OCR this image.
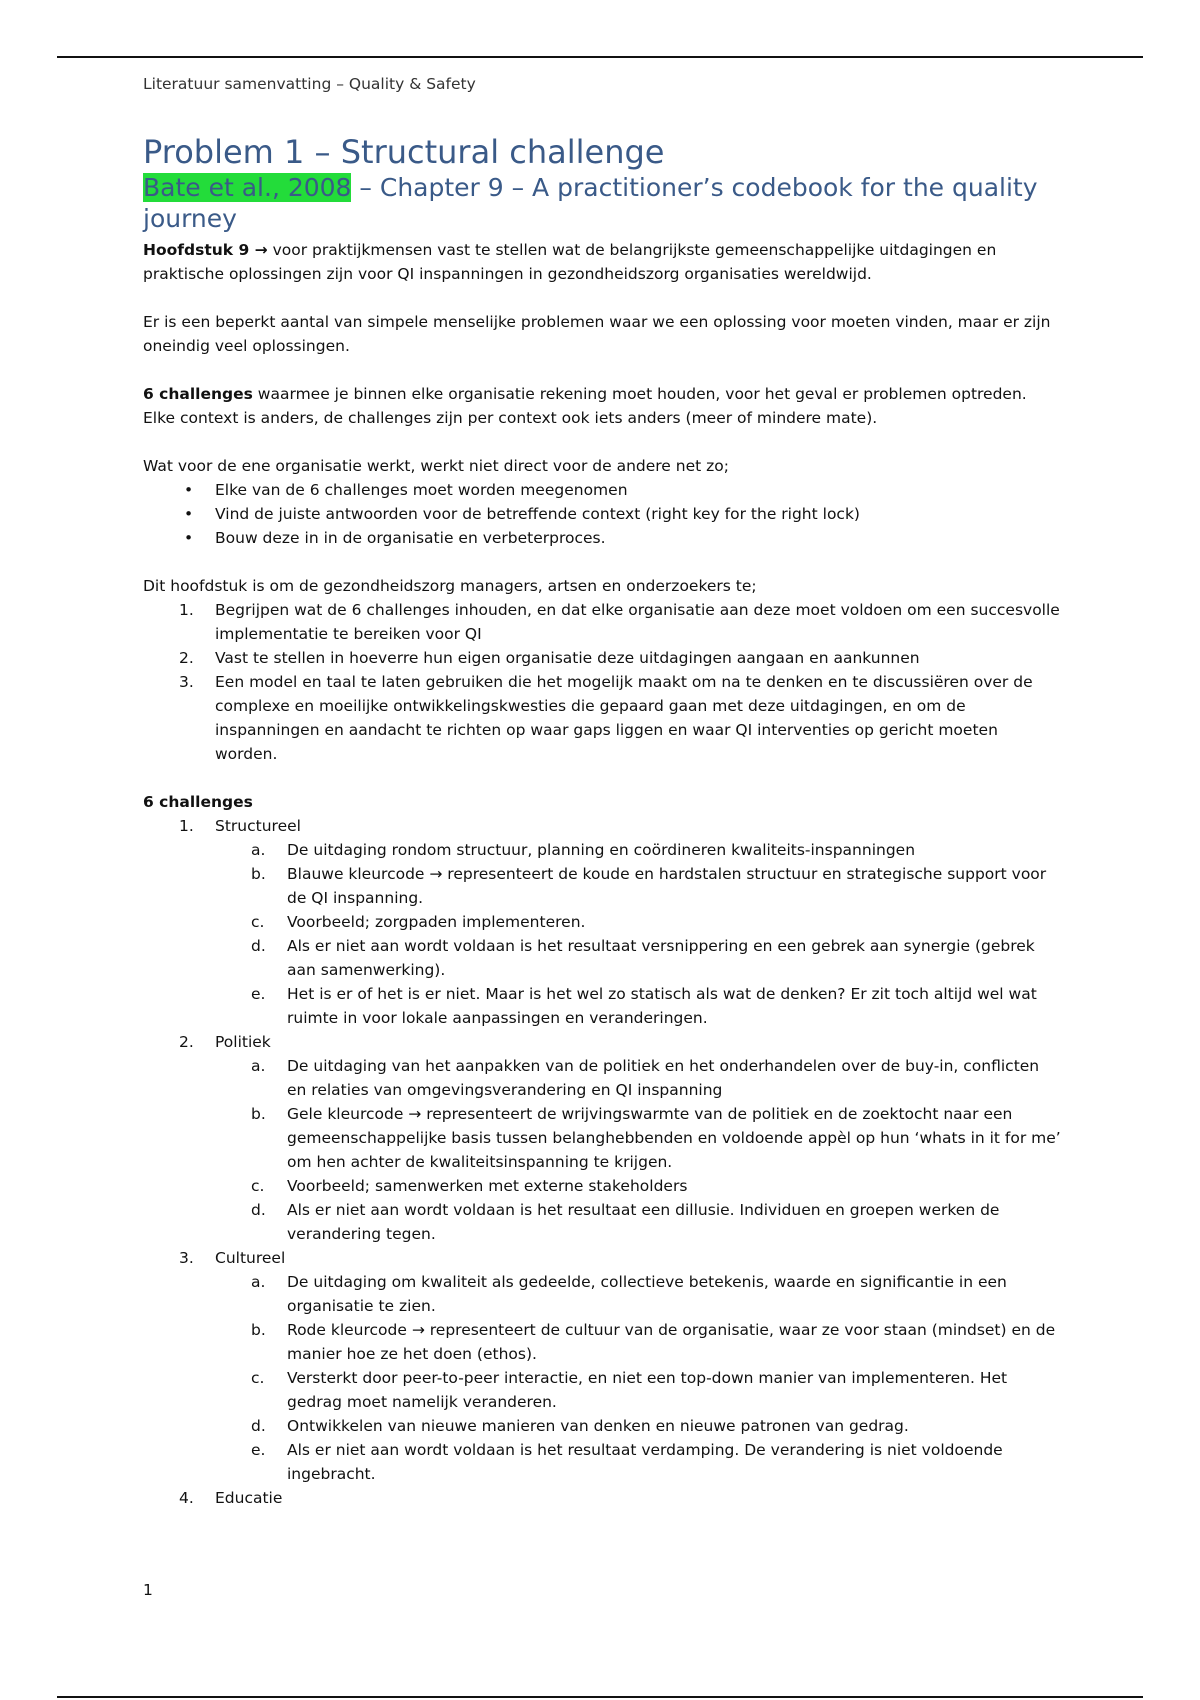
Literatuur samenvatting – Quality & Safety
Problem 1 – Structural challenge
Bate et al., 2008 – Chapter 9 – A practitioner’s codebook for the quality journey

Hoofdstuk 9 → voor praktijkmensen vast te stellen wat de belangrijkste gemeenschappelijke uitdagingen en praktische oplossingen zijn voor QI inspanningen in gezondheidszorg organisaties wereldwijd.

Er is een beperkt aantal van simpele menselijke problemen waar we een oplossing voor moeten vinden, maar er zijn oneindig veel oplossingen.

6 challenges waarmee je binnen elke organisatie rekening moet houden, voor het geval er problemen optreden. Elke context is anders, de challenges zijn per context ook iets anders (meer of mindere mate).

Wat voor de ene organisatie werkt, werkt niet direct voor de andere net zo;

• Elke van de 6 challenges moet worden meegenomen
• Vind de juiste antwoorden voor de betreffende context (right key for the right lock)
• Bouw deze in in de organisatie en verbeterproces.

Dit hoofdstuk is om de gezondheidszorg managers, artsen en onderzoekers te;

1. Begrijpen wat de 6 challenges inhouden, en dat elke organisatie aan deze moet voldoen om een succesvolle implementatie te bereiken voor QI
2. Vast te stellen in hoeverre hun eigen organisatie deze uitdagingen aangaan en aankunnen
3. Een model en taal te laten gebruiken die het mogelijk maakt om na te denken en te discussiëren over de complexe en moeilijke ontwikkelingskwesties die gepaard gaan met deze uitdagingen, en om de inspanningen en aandacht te richten op waar gaps liggen en waar QI interventies op gericht moeten worden.
6 challenges
1. Structureel
a. De uitdaging rondom structuur, planning en coördineren kwaliteits-inspanningen
b. Blauwe kleurcode → representeert de koude en hardstalen structuur en strategische support voor de QI inspanning.
c. Voorbeeld; zorgpaden implementeren.
d. Als er niet aan wordt voldaan is het resultaat versnippering en een gebrek aan synergie (gebrek aan samenwerking).
e. Het is er of het is er niet. Maar is het wel zo statisch als wat de denken? Er zit toch altijd wel wat ruimte in voor lokale aanpassingen en veranderingen.
2. Politiek
a. De uitdaging van het aanpakken van de politiek en het onderhandelen over de buy-in, conflicten en relaties van omgevingsverandering en QI inspanning
b. Gele kleurcode → representeert de wrijvingswarmte van de politiek en de zoektocht naar een gemeenschappelijke basis tussen belanghebbenden en voldoende appèl op hun ‘whats in it for me’ om hen achter de kwaliteitsinspanning te krijgen.
c. Voorbeeld; samenwerken met externe stakeholders
d. Als er niet aan wordt voldaan is het resultaat een dillusie. Individuen en groepen werken de verandering tegen.
3. Cultureel
a. De uitdaging om kwaliteit als gedeelde, collectieve betekenis, waarde en significantie in een organisatie te zien.
b. Rode kleurcode → representeert de cultuur van de organisatie, waar ze voor staan (mindset) en de manier hoe ze het doen (ethos).
c. Versterkt door peer-to-peer interactie, en niet een top-down manier van implementeren. Het gedrag moet namelijk veranderen.
d. Ontwikkelen van nieuwe manieren van denken en nieuwe patronen van gedrag.
e. Als er niet aan wordt voldaan is het resultaat verdamping. De verandering is niet voldoende ingebracht.
4. Educatie
1
